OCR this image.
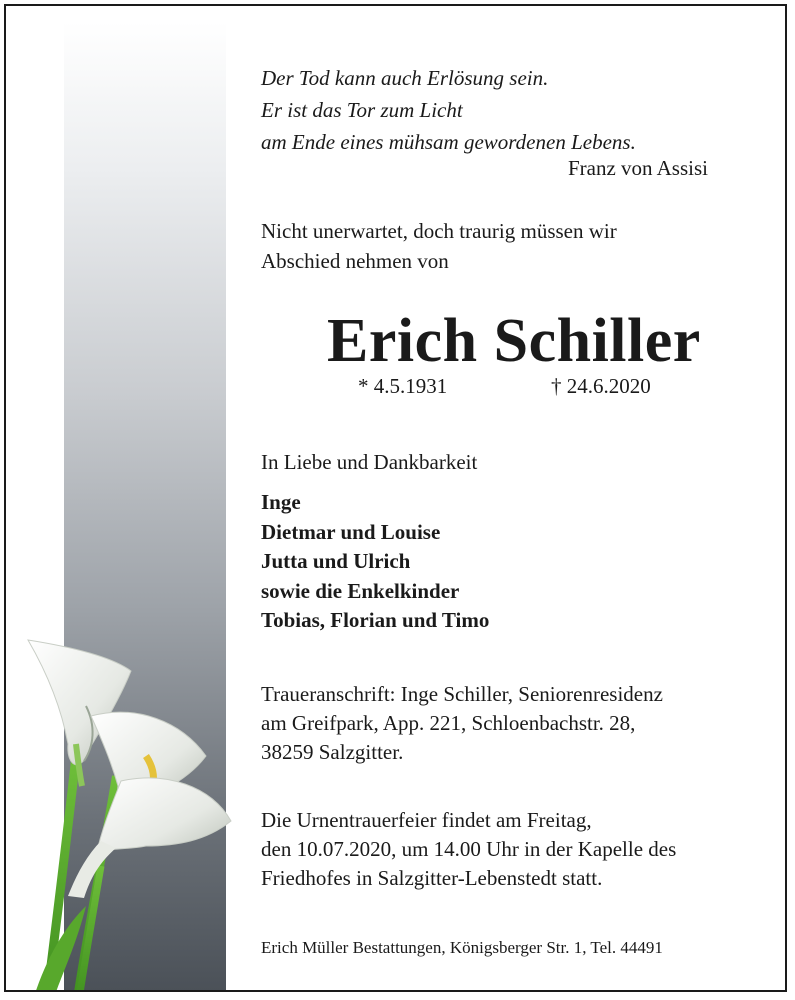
Der Tod kann auch Erlösung sein.
Er ist das Tor zum Licht
am Ende eines mühsam gewordenen Lebens.
Franz von Assisi
Nicht unerwartet, doch traurig müssen wir
Abschied nehmen von
Erich Schiller
* 4.5.1931	† 24.6.2020
In Liebe und Dankbarkeit
Inge
Dietmar und Louise
Jutta und Ulrich
sowie die Enkelkinder
Tobias, Florian und Timo
Traueranschrift: Inge Schiller, Seniorenresidenz
am Greifpark, App. 221, Schloenbachstr. 28,
38259 Salzgitter.
Die Urnentrauerfeier findet am Freitag,
den 10.07.2020, um 14.00 Uhr in der Kapelle des
Friedhofes in Salzgitter-Lebenstedt statt.
Erich Müller Bestattungen, Königsberger Str. 1, Tel. 44491
